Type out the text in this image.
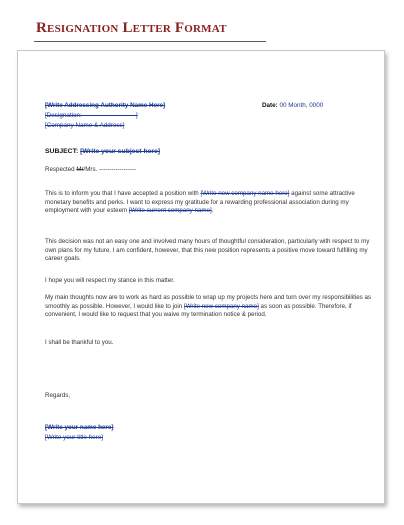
Resignation Letter Format
[Write Addressing Authority Name Here]
[Designation: -------------------------]
[Company Name & Address]
Date: 00 Month, 0000
SUBJECT: [Write your subject here]
Respected Mr/Mrs. ------------------
This is to inform you that I have accepted a position with [Write new company name here] against some attractive monetary benefits and perks. I want to express my gratitude for a rewarding professional association during my employment with your esteem [Write current company name].
This decision was not an easy one and involved many hours of thoughtful consideration, particularly with respect to my own plans for my future. I am confident, however, that this new position represents a positive move toward fulfilling my career goals.
I hope you will respect my stance in this matter.
My main thoughts now are to work as hard as possible to wrap up my projects here and turn over my responsibilities as smoothly as possible. However, I would like to join [Write new company name] as soon as possible. Therefore, if convenient, I would like to request that you waive my termination notice & period.
I shall be thankful to you.
Regards,
[Write your name here]
[Write your title here]
